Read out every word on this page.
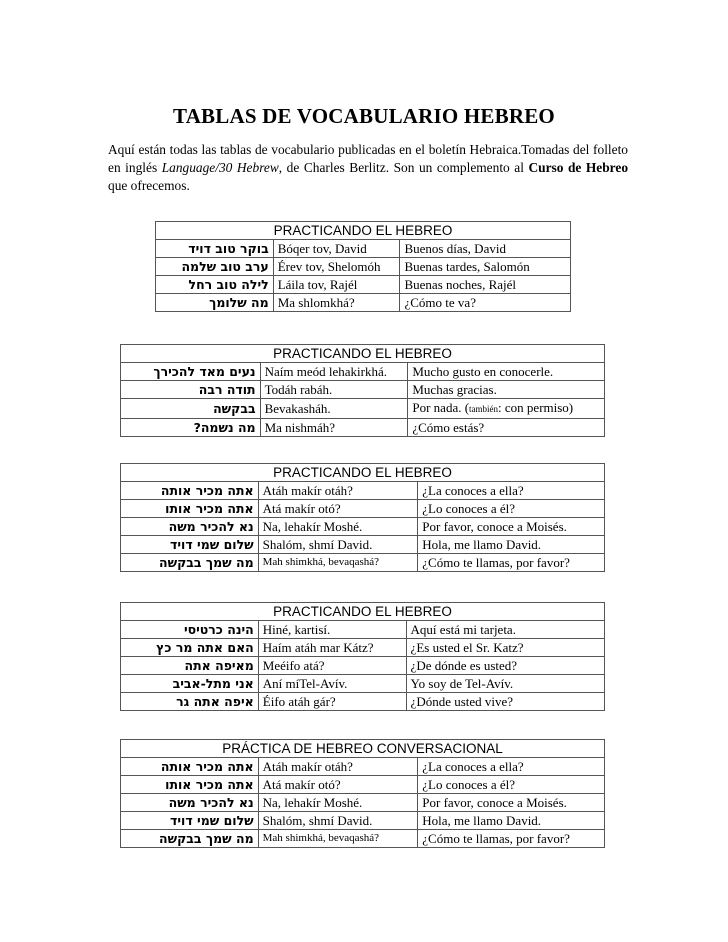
TABLAS DE VOCABULARIO HEBREO
Aquí están todas las tablas de vocabulario publicadas en el boletín Hebraica.Tomadas del folleto en inglés Language/30 Hebrew, de Charles Berlitz. Son un complemento al Curso de Hebreo que ofrecemos.
PRACTICANDO EL HEBREO		
בוקר טוב דויד	Bóqer tov, David	Buenos días, David
ערב טוב שלמה	Érev tov, Shelomóh	Buenas tardes, Salomón
לילה טוב רחל	Láila tov, Rajél	Buenas noches, Rajél
מה שלומך	Ma shlomkhá?	¿Cómo te va?
PRACTICANDO EL HEBREO		
נעים מאד להכירך	Naím meód lehakirkhá.	Mucho gusto en conocerle.
תודה רבה	Todáh rabáh.	Muchas gracias.
בבקשה	Bevakasháh.	Por nada. (también: con permiso)
מה נשמה?	Ma nishmáh?	¿Cómo estás?
PRACTICANDO EL HEBREO		
אתה מכיר אותה	Atáh makír otáh?	¿La conoces a ella?
אתה מכיר אותו	Atá makír otó?	¿Lo conoces a él?
נא להכיר משה	Na, lehakír Moshé.	Por favor, conoce a Moisés.
שלום שמי דויד	Shalóm, shmí David.	Hola, me llamo David.
מה שמך בבקשה	Mah shimkhá, bevaqashá?	¿Cómo te llamas, por favor?
PRACTICANDO EL HEBREO		
הינה כרטיסי	Hiné, kartisí.	Aquí está mi tarjeta.
האם אתה מר כץ	Haím atáh mar Kátz?	¿Es usted el Sr. Katz?
מאיפה אתה	Meéifo atá?	¿De dónde es usted?
אני מתל-אביב	Aní míTel-Avív.	Yo soy de Tel-Avív.
איפה אתה גר	Éifo atáh gár?	¿Dónde usted vive?
PRÁCTICA DE HEBREO CONVERSACIONAL		
אתה מכיר אותה	Atáh makír otáh?	¿La conoces a ella?
אתה מכיר אותו	Atá makír otó?	¿Lo conoces a él?
נא להכיר משה	Na, lehakír Moshé.	Por favor, conoce a Moisés.
שלום שמי דויד	Shalóm, shmí David.	Hola, me llamo David.
מה שמך בבקשה	Mah shimkhá, bevaqashá?	¿Cómo te llamas, por favor?
